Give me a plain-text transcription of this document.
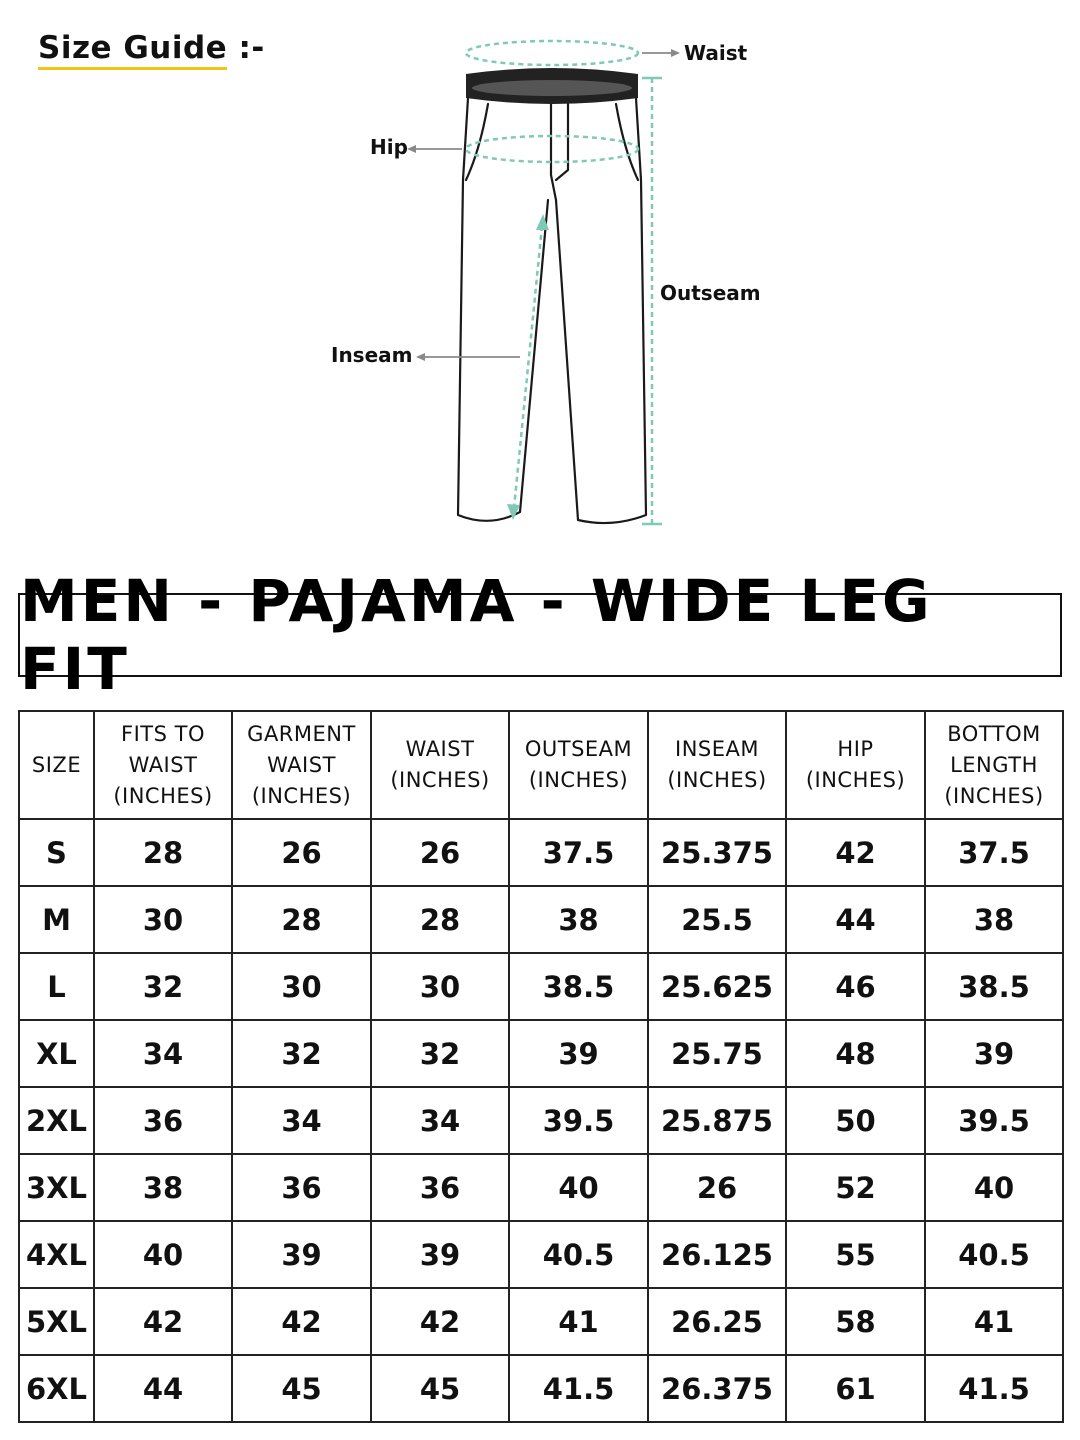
Size Guide :-	Waist
Hip
Outseam
Inseam
MEN - PAJAMA - WIDE LEG FIT
SIZE	FITS TO
WAIST
(INCHES)	GARMENT
WAIST
(INCHES)	WAIST
(INCHES)	OUTSEAM
(INCHES)	INSEAM
(INCHES)	HIP
(INCHES)	BOTTOM
LENGTH
(INCHES)

S	28	26	26	37.5	25.375	42	37.5
M	30	28	28	38	25.5	44	38
L	32	30	30	38.5	25.625	46	38.5
XL	34	32	32	39	25.75	48	39
2XL	36	34	34	39.5	25.875	50	39.5
3XL	38	36	36	40	26	52	40
4XL	40	39	39	40.5	26.125	55	40.5
5XL	42	42	42	41	26.25	58	41
6XL	44	45	45	41.5	26.375	61	41.5
